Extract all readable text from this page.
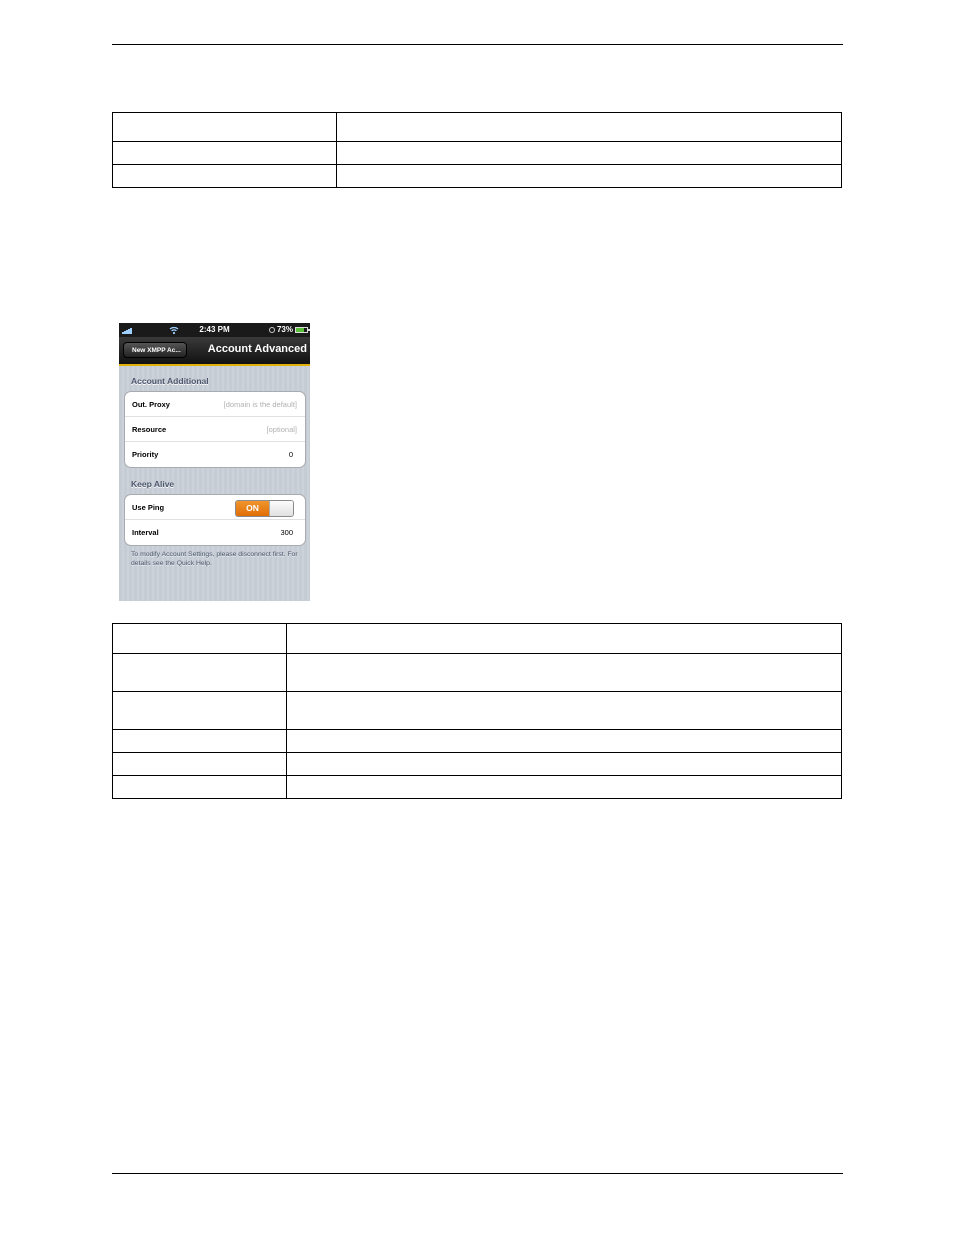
2:43 PM	73%
New XMPP Ac...	Account Advanced
Account Additional
Out. Proxy	[domain is the default]
Resource	[optional]
Priority	0
Keep Alive
Use Ping	ON
Interval	300
To modify Account Settings, please disconnect first. For details see the Quick Help.
